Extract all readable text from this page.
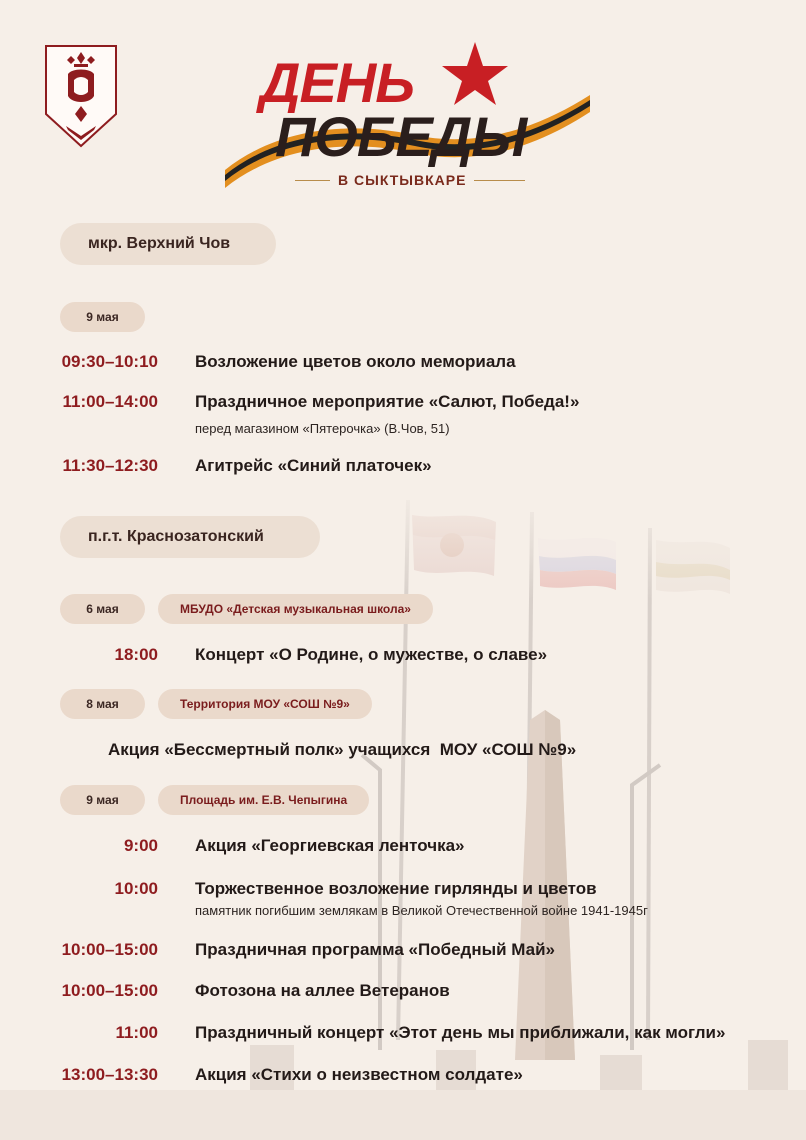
ДЕНЬ
ПОБЕДЫ
В СЫКТЫВКАРЕ
мкр. Верхний Чов
9 мая
09:30–10:10 Возложение цветов около мемориала
11:00–14:00 Праздничное мероприятие «Салют, Победа!»
перед магазином «Пятерочка» (В.Чов, 51)
11:30–12:30 Агитрейс «Синий платочек»
п.г.т. Краснозатонский
6 мая	МБУДО «Детская музыкальная школа»
18:00 Концерт «О Родине, о мужестве, о славе»
8 мая	Территория МОУ «СОШ №9»
Акция «Бессмертный полк» учащихся  МОУ «СОШ №9»
9 мая	Площадь им. Е.В. Чепыгина
9:00 Акция «Георгиевская ленточка»
10:00 Торжественное возложение гирлянды и цветов
памятник погибшим землякам в Великой Отечественной войне 1941-1945г
10:00–15:00 Праздничная программа «Победный Май»
10:00–15:00 Фотозона на аллее Ветеранов
11:00 Праздничный концерт «Этот день мы приближали, как могли»
13:00–13:30 Акция «Стихи о неизвестном солдате»
